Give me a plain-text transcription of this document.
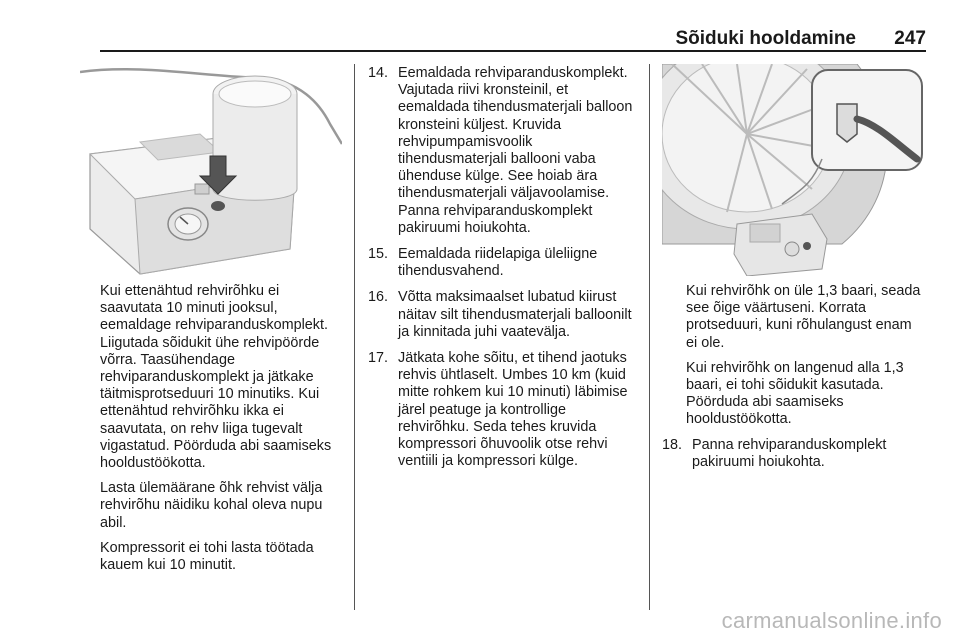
Sõiduki hooldamine 247

Kui ettenähtud rehvirõhku ei saavutata 10 minuti jooksul, eemaldage rehviparanduskomplekt. Liigutada sõidukit ühe rehvipöörde võrra. Taasühendage rehviparanduskomplekt ja jätkake täitmisprotseduuri 10 minutiks. Kui ettenähtud rehvirõhku ikka ei saavutata, on rehv liiga tugevalt vigastatud. Pöörduda abi saamiseks hooldustöökotta.

Lasta ülemäärane õhk rehvist välja rehvirõhu näidiku kohal oleva nupu abil.

Kompressorit ei tohi lasta töötada kauem kui 10 minutit.

14. Eemaldada rehviparanduskomplekt. Vajutada riivi kronsteinil, et eemaldada tihendusmaterjali balloon kronsteini küljest. Kruvida rehvipumpamisvoolik tihendusmaterjali ballooni vaba ühenduse külge. See hoiab ära tihendusmaterjali väljavoolamise. Panna rehviparanduskomplekt pakiruumi hoiukohta.
15. Eemaldada riidelapiga üleliigne tihendusvahend.
16. Võtta maksimaalset lubatud kiirust näitav silt tihendusmaterjali balloonilt ja kinnitada juhi vaatevälja.
17. Jätkata kohe sõitu, et tihend jaotuks rehvis ühtlaselt. Umbes 10 km (kuid mitte rohkem kui 10 minuti) läbimise järel peatuge ja kontrollige rehvirõhku. Seda tehes kruvida kompressori õhuvoolik otse rehvi ventiili ja kompressori külge.

Kui rehvirõhk on üle 1,3 baari, seada see õige väärtuseni. Korrata protseduuri, kuni rõhulangust enam ei ole.

Kui rehvirõhk on langenud alla 1,3 baari, ei tohi sõidukit kasutada. Pöörduda abi saamiseks hooldustöökotta.

18. Panna rehviparanduskomplekt pakiruumi hoiukohta.
carmanualsonline.info
